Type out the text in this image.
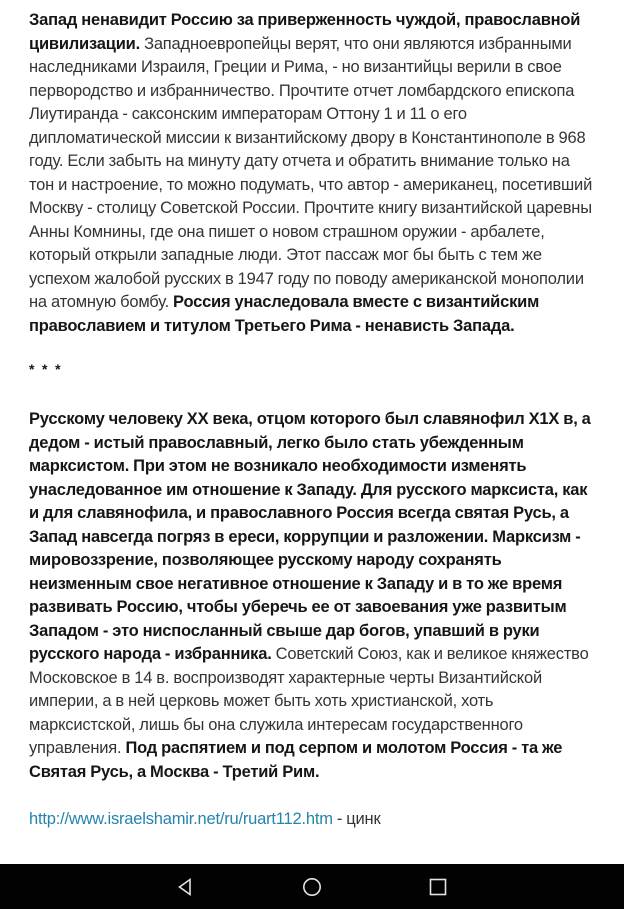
Запад ненавидит Россию за приверженность чуждой, православной цивилизации. Западноевропейцы верят, что они являются избранными наследниками Израиля, Греции и Рима, - но византийцы верили в свое первородство и избранничество. Прочтите отчет ломбардского епископа Лиутиранда - саксонским императорам Оттону 1 и 11 о его дипломатической миссии к византийскому двору в Константинополе в 968 году. Если забыть на минуту дату отчета и обратить внимание только на тон и настроение, то можно подумать, что автор - американец, посетивший Москву - столицу Советской России. Прочтите книгу византийской царевны Анны Комнины, где она пишет о новом страшном оружии - арбалете, который открыли западные люди. Этот пассаж мог бы быть с тем же успехом жалобой русских в 1947 году по поводу американской монополии на атомную бомбу. Россия унаследовала вместе с византийским православием и титулом Третьего Рима - ненависть Запада.

* * *

Русскому человеку XX века, отцом которого был славянофил Х1Х в, а дедом - истый православный, легко было стать убежденным марксистом. При этом не возникало необходимости изменять унаследованное им отношение к Западу. Для русского марксиста, как и для славянофила, и православного Россия всегда святая Русь, а Запад навсегда погряз в ереси, коррупции и разложении. Марксизм - мировоззрение, позволяющее русскому народу сохранять неизменным свое негативное отношение к Западу и в то же время развивать Россию, чтобы уберечь ее от завоевания уже развитым Западом - это ниспосланный свыше дар богов, упавший в руки русского народа - избранника. Советский Союз, как и великое княжество Московское в 14 в. воспроизводят характерные черты Византийской империи, а в ней церковь может быть хоть христианской, хоть марксистской, лишь бы она служила интересам государственного управления. Под распятием и под серпом и молотом Россия - та же Святая Русь, а Москва - Третий Рим.

http://www.israelshamir.net/ru/ruart112.htm - цинк
